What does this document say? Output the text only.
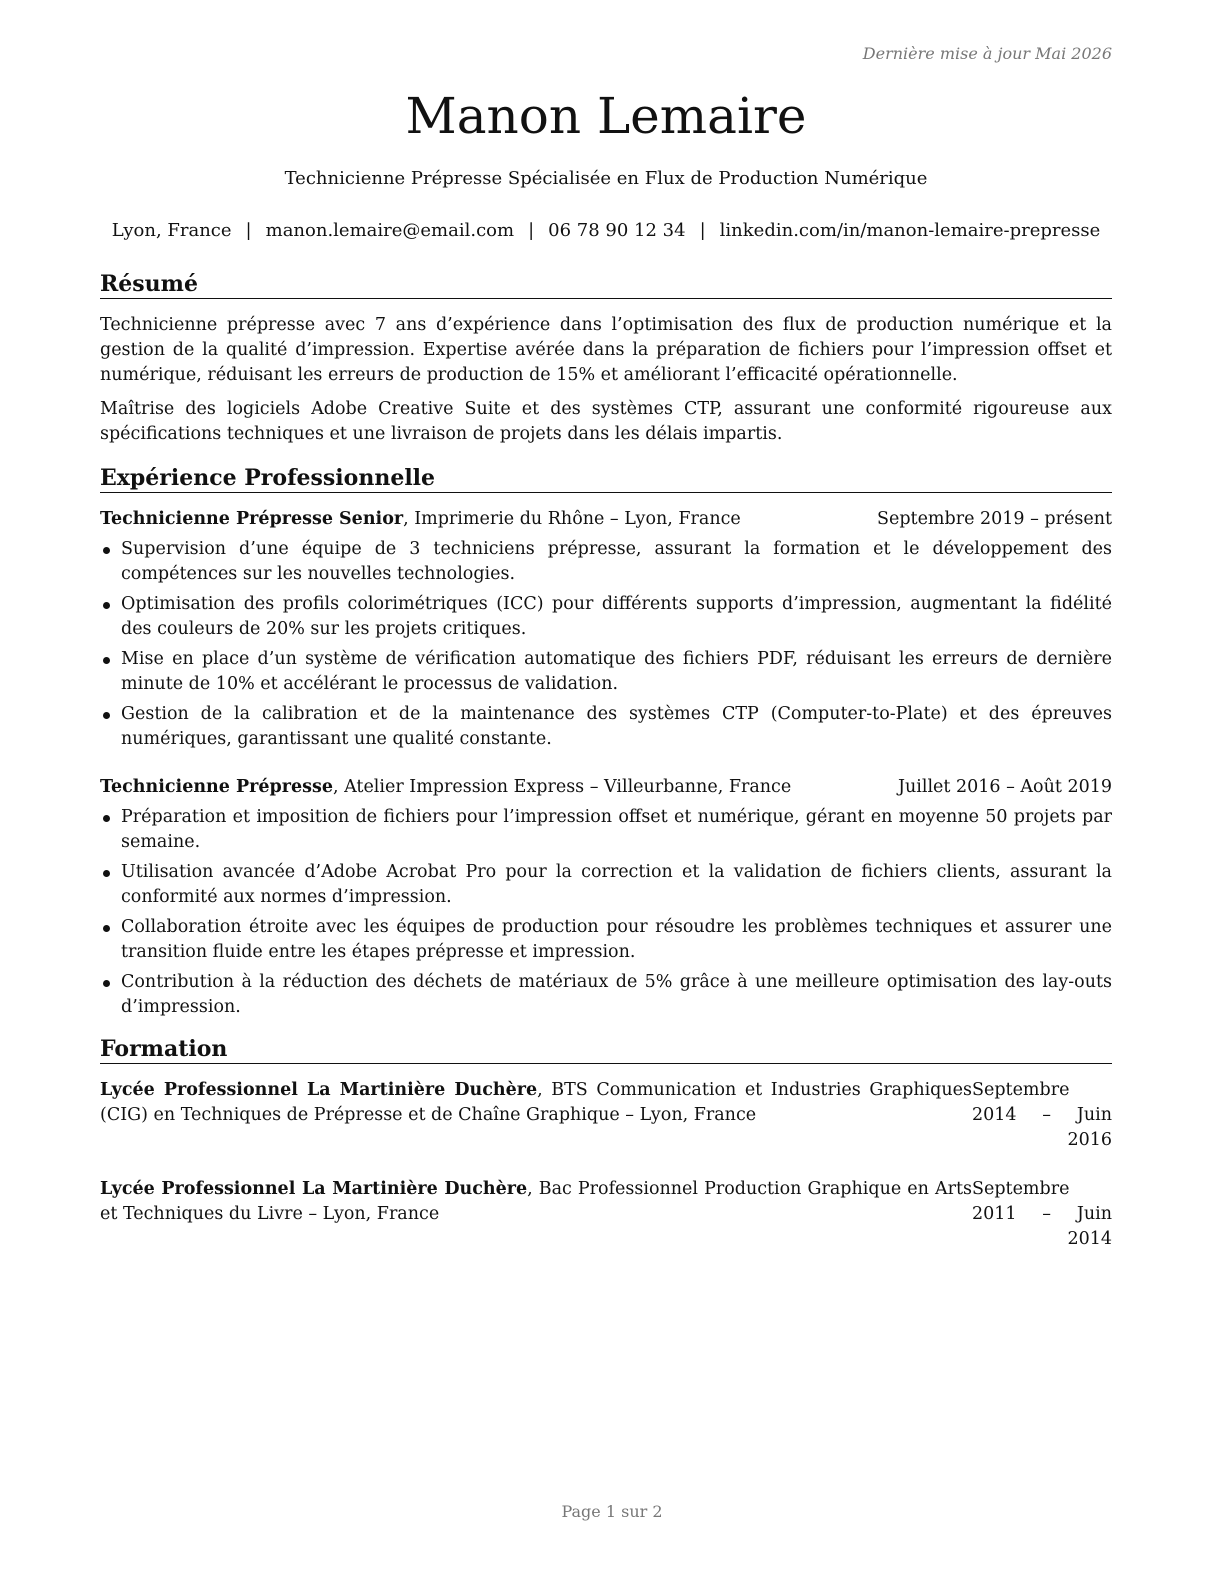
Dernière mise à jour Mai 2026
Manon Lemaire
Technicienne Prépresse Spécialisée en Flux de Production Numérique
Lyon, France | manon.lemaire@email.com | 06 78 90 12 34 | linkedin.com/in/manon-lemaire-prepresse
Résumé

Technicienne prépresse avec 7 ans d’expérience dans l’optimisation des flux de production numérique et la gestion de la qualité d’impression. Expertise avérée dans la préparation de fichiers pour l’impression offset et numérique, réduisant les erreurs de production de 15% et améliorant l’efficacité opérationnelle.

Maîtrise des logiciels Adobe Creative Suite et des systèmes CTP, assurant une conformité rigoureuse aux spécifications techniques et une livraison de projets dans les délais impartis.

Expérience Professionnelle
Technicienne Prépresse Senior, Imprimerie du Rhône – Lyon, France	Septembre 2019 – présent
Supervision d’une équipe de 3 techniciens prépresse, assurant la formation et le développement des compétences sur les nouvelles technologies.
Optimisation des profils colorimétriques (ICC) pour différents supports d’impression, augmentant la fidélité des couleurs de 20% sur les projets critiques.
Mise en place d’un système de vérification automatique des fichiers PDF, réduisant les erreurs de dernière minute de 10% et accélérant le processus de validation.
Gestion de la calibration et de la maintenance des systèmes CTP (Computer-to-Plate) et des épreuves numériques, garantissant une qualité constante.
Technicienne Prépresse, Atelier Impression Express – Villeurbanne, France	Juillet 2016 – Août 2019
Préparation et imposition de fichiers pour l’impression offset et numérique, gérant en moyenne 50 projets par semaine.
Utilisation avancée d’Adobe Acrobat Pro pour la correction et la validation de fichiers clients, assurant la conformité aux normes d’impression.
Collaboration étroite avec les équipes de production pour résoudre les problèmes techniques et assurer une transition fluide entre les étapes prépresse et impression.
Contribution à la réduction des déchets de matériaux de 5% grâce à une meilleure optimisation des lay-outs d’impression.
Formation
Lycée Professionnel La Martinière Duchère, BTS Communication et Industries Graphiques (CIG) en Techniques de Prépresse et de Chaîne Graphique – Lyon, France
Septembre 2014 – Juin
2016
Lycée Professionnel La Martinière Duchère, Bac Professionnel Production Graphique en Arts et Techniques du Livre – Lyon, France
Septembre 2011 – Juin
2014
Page 1 sur 2
